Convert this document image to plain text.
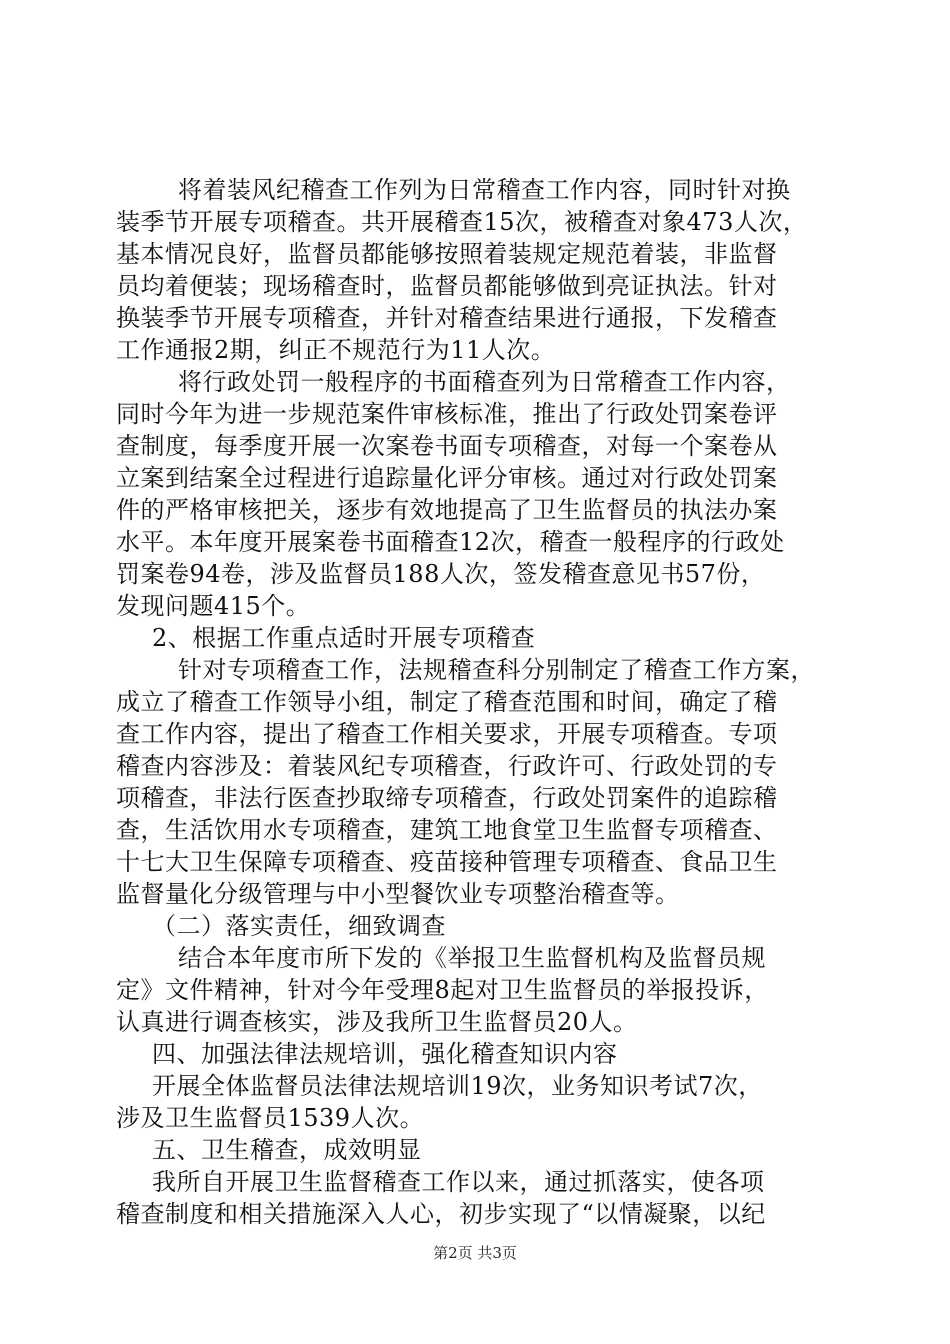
将着装风纪稽查工作列为日常稽查工作内容，同时针对换
装季节开展专项稽查。共开展稽查15次，被稽查对象473人次，
基本情况良好，监督员都能够按照着装规定规范着装，非监督
员均着便装；现场稽查时，监督员都能够做到亮证执法。针对
换装季节开展专项稽查，并针对稽查结果进行通报，下发稽查
工作通报2期，纠正不规范行为11人次。
将行政处罚一般程序的书面稽查列为日常稽查工作内容，
同时今年为进一步规范案件审核标准，推出了行政处罚案卷评
查制度，每季度开展一次案卷书面专项稽查，对每一个案卷从
立案到结案全过程进行追踪量化评分审核。通过对行政处罚案
件的严格审核把关，逐步有效地提高了卫生监督员的执法办案
水平。本年度开展案卷书面稽查12次，稽查一般程序的行政处
罚案卷94卷，涉及监督员188人次，签发稽查意见书57份，
发现问题415个。
2、根据工作重点适时开展专项稽查
针对专项稽查工作，法规稽查科分别制定了稽查工作方案，
成立了稽查工作领导小组，制定了稽查范围和时间，确定了稽
查工作内容，提出了稽查工作相关要求，开展专项稽查。专项
稽查内容涉及：着装风纪专项稽查，行政许可、行政处罚的专
项稽查，非法行医查抄取缔专项稽查，行政处罚案件的追踪稽
查，生活饮用水专项稽查，建筑工地食堂卫生监督专项稽查、
十七大卫生保障专项稽查、疫苗接种管理专项稽查、食品卫生
监督量化分级管理与中小型餐饮业专项整治稽查等。
（二）落实责任，细致调查
结合本年度市所下发的《举报卫生监督机构及监督员规
定》文件精神，针对今年受理8起对卫生监督员的举报投诉，
认真进行调查核实，涉及我所卫生监督员20人。
四、加强法律法规培训，强化稽查知识内容
开展全体监督员法律法规培训19次，业务知识考试7次，
涉及卫生监督员1539人次。
五、卫生稽查，成效明显
我所自开展卫生监督稽查工作以来，通过抓落实，使各项
稽查制度和相关措施深入人心，初步实现了“以情凝聚，以纪
第2页 共3页
